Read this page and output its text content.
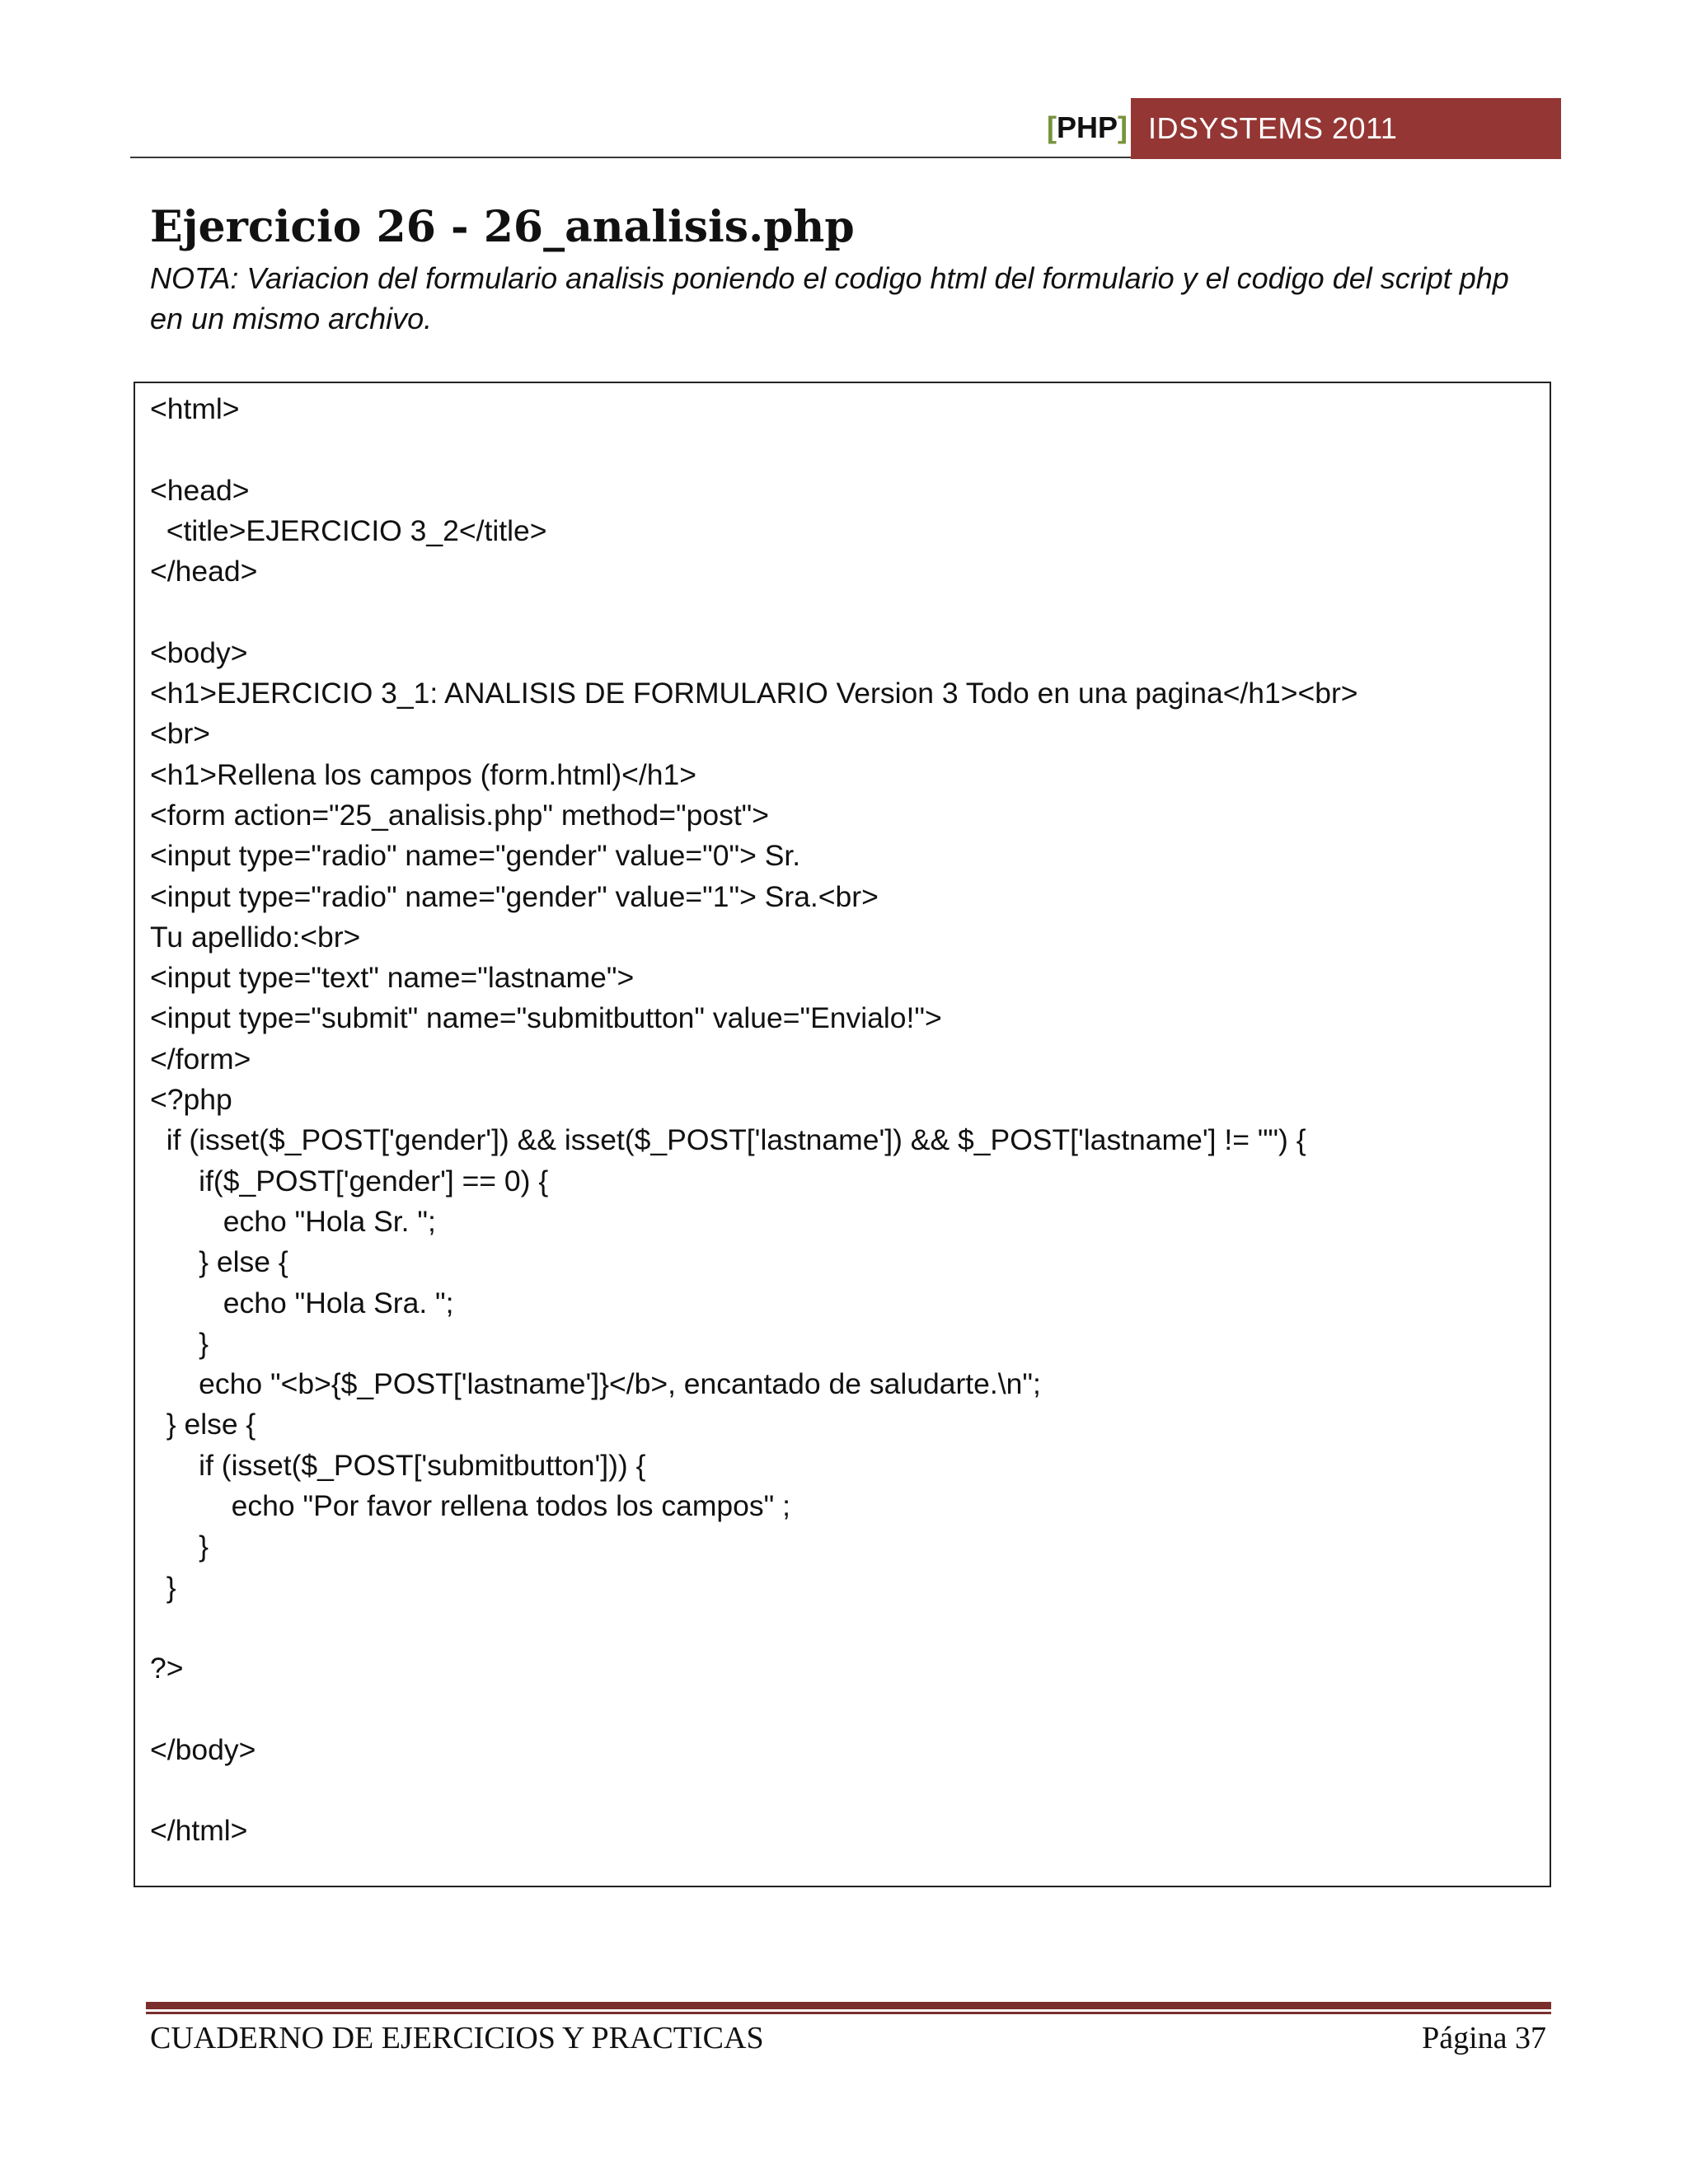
[PHP] IDSYSTEMS 2011
Ejercicio 26 - 26_analisis.php

NOTA: Variacion del formulario analisis poniendo el codigo html del formulario y el codigo del script php en un mismo archivo.

<html>
<head>
<title>EJERCICIO 3_2</title>
</head>
<body>
<h1>EJERCICIO 3_1: ANALISIS DE FORMULARIO Version 3 Todo en una pagina</h1><br>
<br>
<h1>Rellena los campos (form.html)</h1>
<form action="25_analisis.php" method="post">
<input type="radio" name="gender" value="0"> Sr.
<input type="radio" name="gender" value="1"> Sra.<br>
Tu apellido:<br>
<input type="text" name="lastname">
<input type="submit" name="submitbutton" value="Envialo!">
</form>
<?php
if (isset($_POST['gender']) && isset($_POST['lastname']) && $_POST['lastname'] != "") {
if($_POST['gender'] == 0) {
echo "Hola Sr. ";
} else {
echo "Hola Sra. ";
}
echo "<b>{$_POST['lastname']}</b>, encantado de saludarte.\n";
} else {
if (isset($_POST['submitbutton'])) {
echo "Por favor rellena todos los campos" ;
}
}
?>
</body>
</html>
CUADERNO DE EJERCICIOS Y PRACTICAS	Página 37
